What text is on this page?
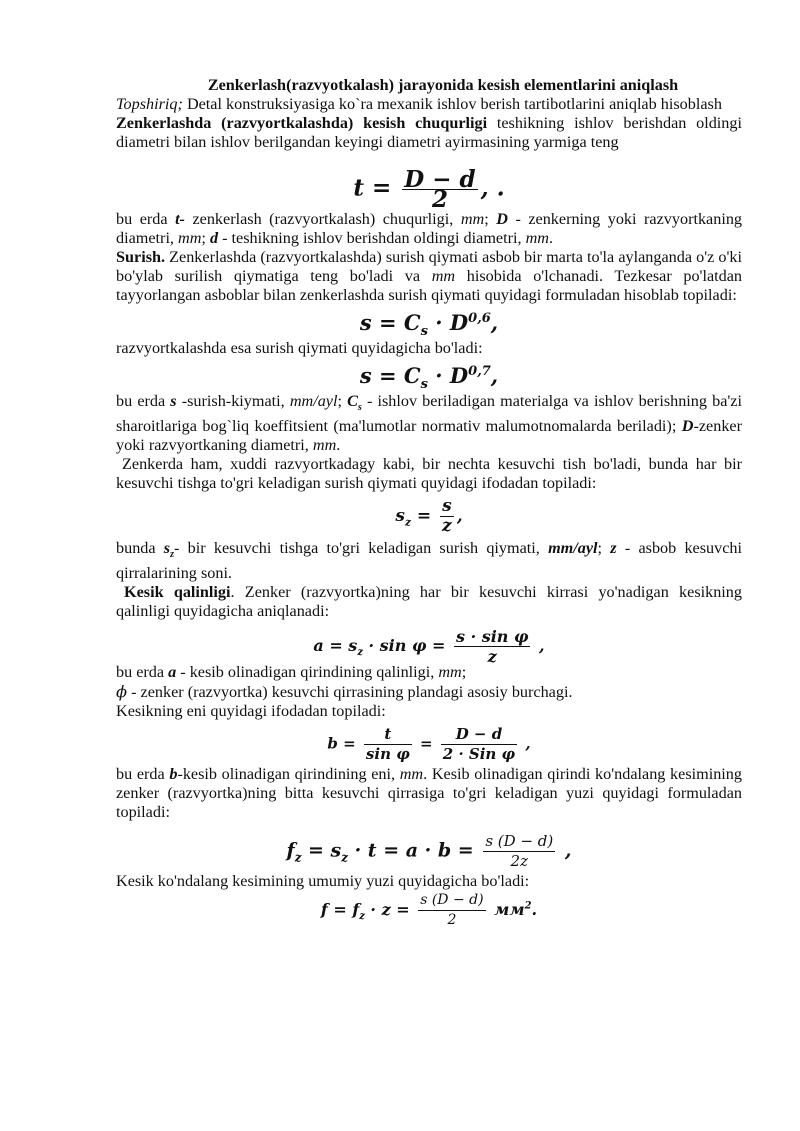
Zenkerlash(razvyotkalash) jarayonida kesish elementlarini aniqlash

Topshiriq; Detal konstruksiyasiga ko`ra mexanik ishlov berish tartibotlarini aniqlab hisoblash

Zenkerlashda (razvyortkalashda) kesish chuqurligi teshikning ishlov berishdan oldingi diametri bilan ishlov berilgandan keyingi diametri ayirmasining yarmiga teng

$t = \frac{D - d}{2}$ , .

bu erda t- zenkerlash (razvyortkalash) chuqurligi, mm; D - zenkerning yoki razvyortkaning diametri, mm; d - teshikning ishlov berishdan oldingi diametri, mm.

Surish. Zenkerlashda (razvyortkalashda) surish qiymati asbob bir marta to'la aylanganda o'z o'ki bo'ylab surilish qiymatiga teng bo'ladi va mm hisobida o'lchanadi. Tezkesar po'latdan tayyorlangan asboblar bilan zenkerlashda surish qiymati quyidagi formuladan hisoblab topiladi:

$s = C_s \cdot D^{0,6}$,

razvyortkalashda esa surish qiymati quyidagicha bo'ladi:

$s = C_s \cdot D^{0,7}$,

bu erda s -surish-kiymati, mm/ayl; $C_s$ - ishlov beriladigan materialga va ishlov berishning ba'zi sharoitlariga bog`liq koeffitsient (ma'lumotlar normativ malumotnomalarda beriladi); D-zenker yoki razvyortkaning diametri, mm.

Zenkerda ham, xuddi razvyortkadagy kabi, bir nechta kesuvchi tish bo'ladi, bunda har bir kesuvchi tishga to'gri keladigan surish qiymati quyidagi ifodadan topiladi:

$s_z = \frac{s}{z}$ ,

bunda $s_z-$ bir kesuvchi tishga to'gri keladigan surish qiymati, mm/ayl; z - asbob kesuvchi qirralarining soni.

Kesik qalinligi. Zenker (razvyortka)ning har bir kesuvchi kirrasi yo'nadigan kesikning qalinligi quyidagicha aniqlanadi:

$a = s_z \cdot \sin \varphi = \frac{\text{s · sin φ}}{z}$ ,

bu erda a - kesib olinadigan qirindining qalinligi, mm;

ϕ - zenker (razvyortka) kesuvchi qirrasining plandagi asosiy burchagi.

Kesikning eni quyidagi ifodadan topiladi:

$b = \frac{t}{\text{sin φ}} = \frac{D - d}{\text{2 · Sin φ}}$ ,

bu erda b-kesib olinadigan qirindining eni, mm. Kesib olinadigan qirindi ko'ndalang kesimining zenker (razvyortka)ning bitta kesuvchi qirrasiga to'gri keladigan yuzi quyidagi formuladan topiladi:

$f_z = s_z \cdot t = a \cdot b = \frac{s (D - d)}{2z}$ ,

Kesik ko'ndalang kesimining umumiy yuzi quyidagicha bo'ladi:

$f = f_z \cdot z = \frac{s (D - d)}{2} мм^2$.
